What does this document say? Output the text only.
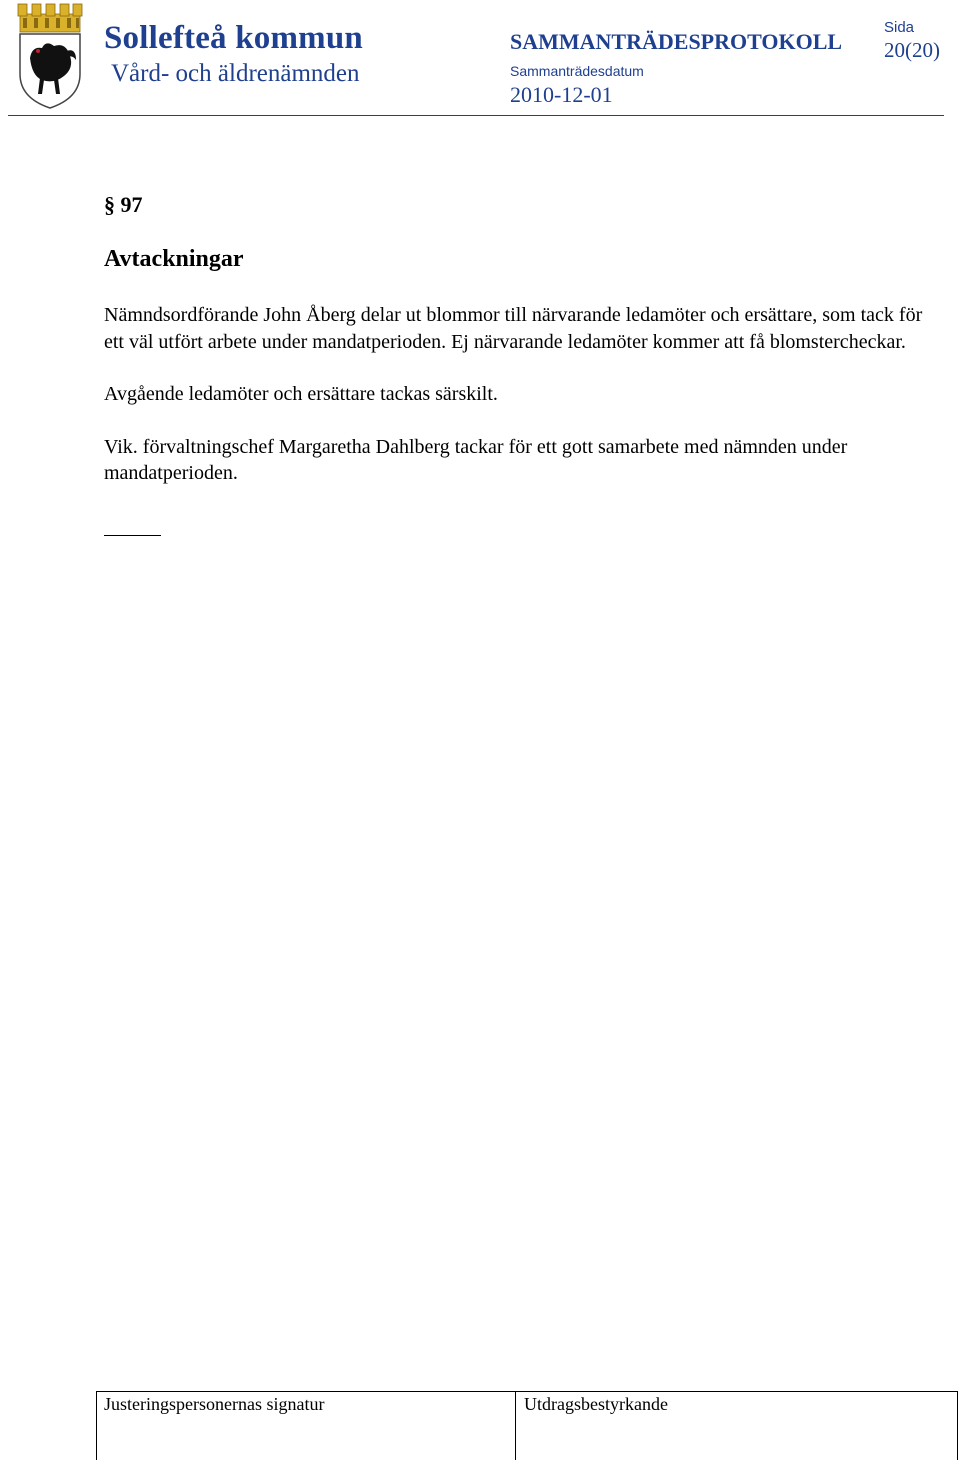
Sollefteå kommun
Vård- och äldrenämnden
SAMMANTRÄDESPROTOKOLL
Sammanträdesdatum
2010-12-01
Sida
20(20)
§ 97
Avtackningar

Nämndsordförande John Åberg delar ut blommor till närvarande ledamöter och ersättare, som tack för ett väl utfört arbete under mandatperioden. Ej närvarande ledamöter kommer att få blomstercheckar.

Avgående ledamöter och ersättare tackas särskilt.

Vik. förvaltningschef Margaretha Dahlberg tackar för ett gott samarbete med nämnden under mandatperioden.

Justeringspersonernas signatur	Utdragsbestyrkande
